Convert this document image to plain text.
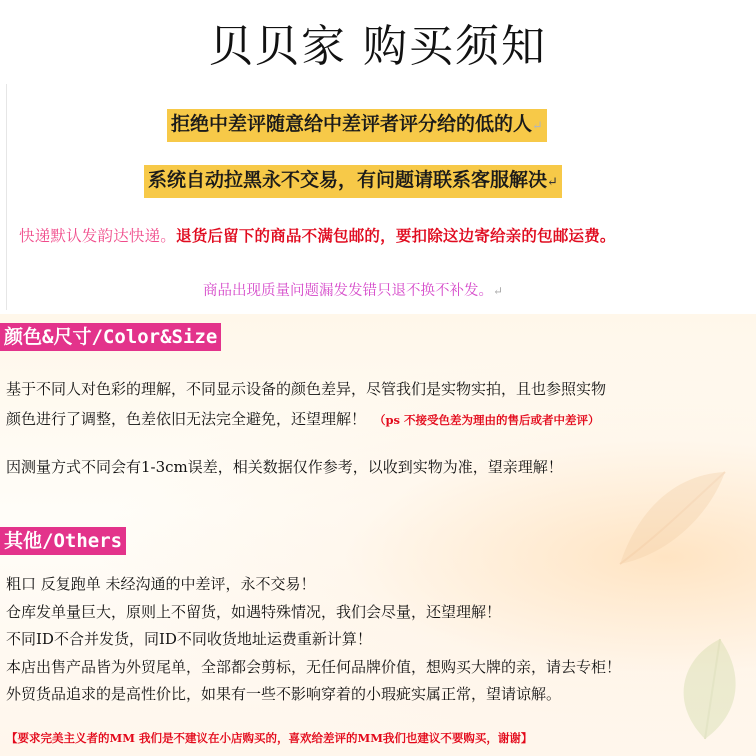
贝贝家 购买须知
拒绝中差评随意给中差评者评分给的低的人↵
系统自动拉黑永不交易，有问题请联系客服解决↵
快递默认发韵达快递。退货后留下的商品不满包邮的，要扣除这边寄给亲的包邮运费。
商品出现质量问题漏发发错只退不换不补发。↵
颜色&尺寸/Color&Size
基于不同人对色彩的理解，不同显示设备的颜色差异，尽管我们是实物实拍，且也参照实物
颜色进行了调整，色差依旧无法完全避免，还望理解！ （ps 不接受色差为理由的售后或者中差评）
因测量方式不同会有1-3cm误差，相关数据仅作参考，以收到实物为准，望亲理解！
其他/Others
粗口 反复跑单 未经沟通的中差评，永不交易！
仓库发单量巨大，原则上不留货，如遇特殊情况，我们会尽量，还望理解！
不同ID不合并发货，同ID不同收货地址运费重新计算！
本店出售产品皆为外贸尾单，全部都会剪标，无任何品牌价值，想购买大牌的亲，请去专柜！
外贸货品追求的是高性价比，如果有一些不影响穿着的小瑕疵实属正常，望请谅解。
【要求完美主义者的MM 我们是不建议在小店购买的，喜欢给差评的MM我们也建议不要购买，谢谢】
